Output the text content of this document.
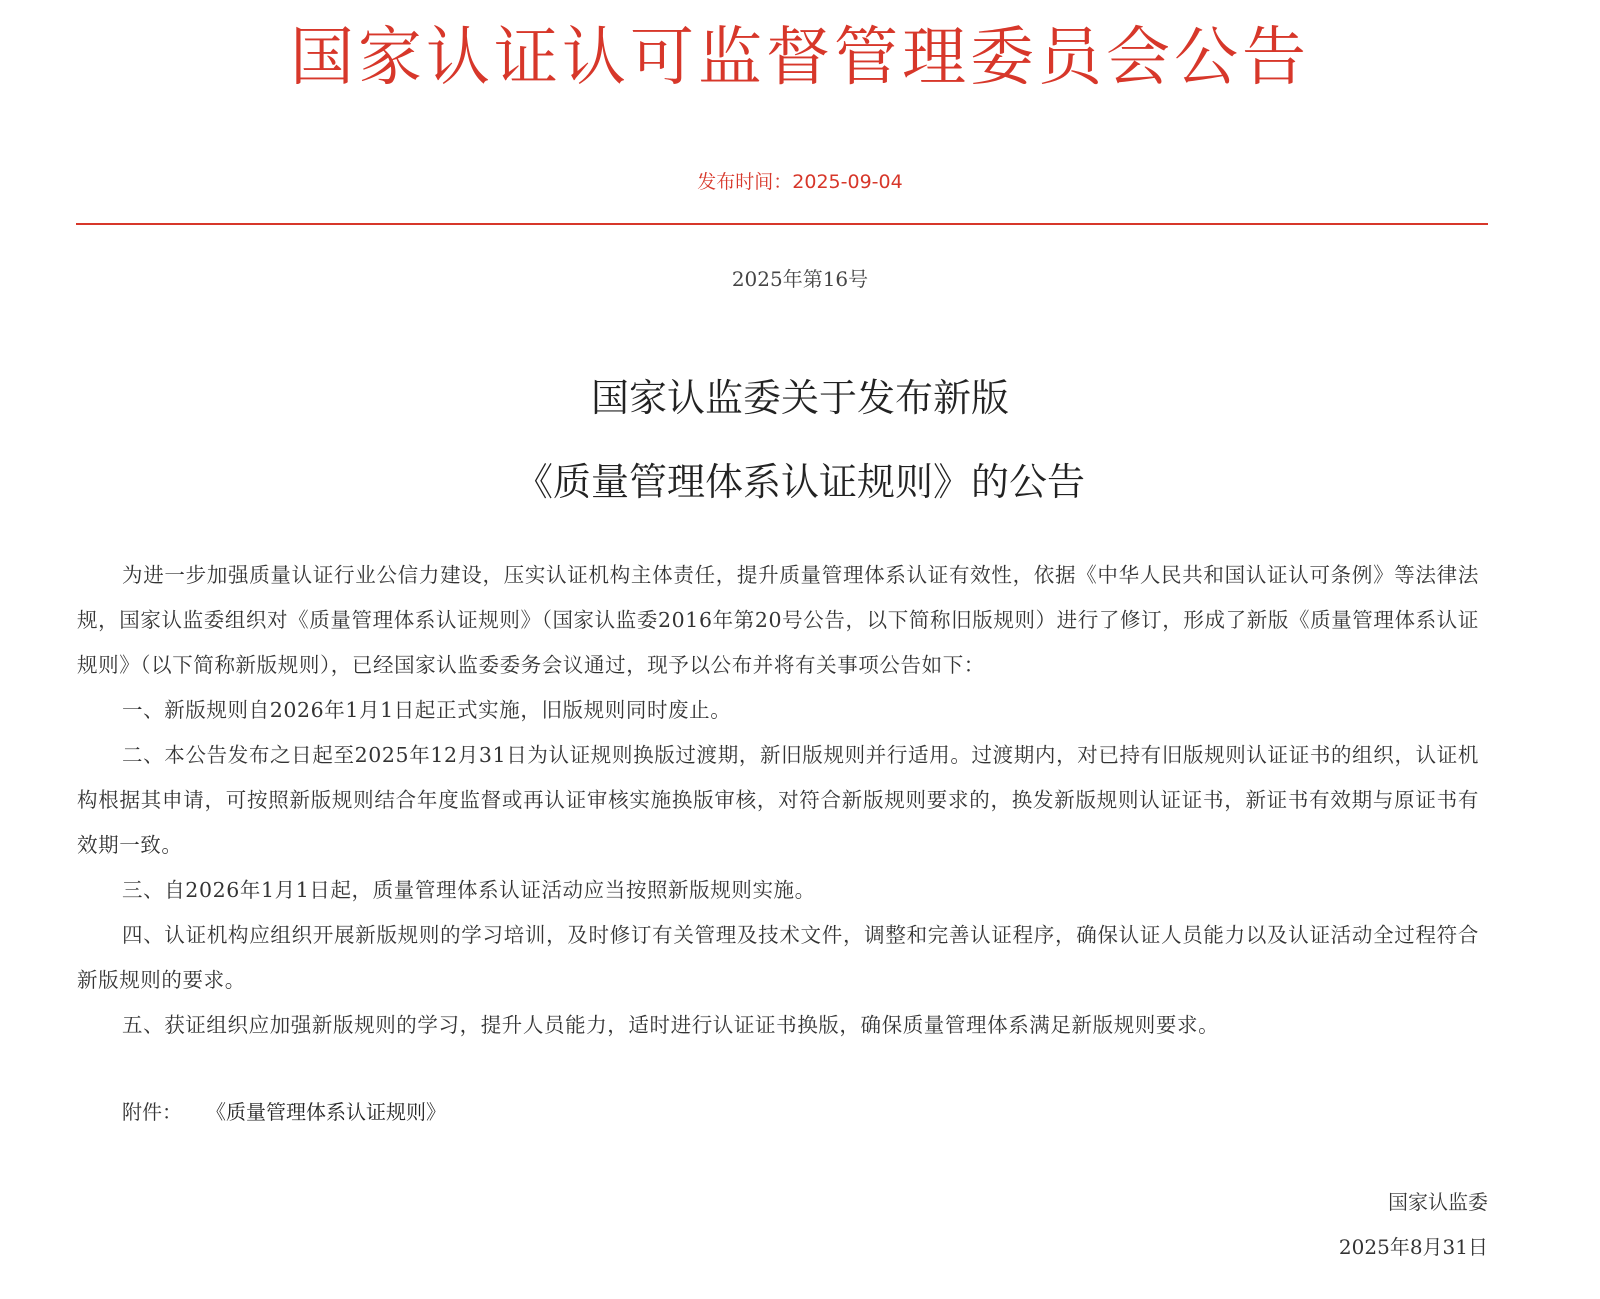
国家认证认可监督管理委员会公告
发布时间：2025-09-04
2025年第16号
国家认监委关于发布新版
《质量管理体系认证规则》的公告

为进一步加强质量认证行业公信力建设，压实认证机构主体责任，提升质量管理体系认证有效性，依据《中华人民共和国认证认可条例》等法律法规，国家认监委组织对《质量管理体系认证规则》（国家认监委2016年第20号公告，以下简称旧版规则）进行了修订，形成了新版《质量管理体系认证规则》（以下简称新版规则），已经国家认监委委务会议通过，现予以公布并将有关事项公告如下：

一、新版规则自2026年1月1日起正式实施，旧版规则同时废止。

二、本公告发布之日起至2025年12月31日为认证规则换版过渡期，新旧版规则并行适用。过渡期内，对已持有旧版规则认证证书的组织，认证机构根据其申请，可按照新版规则结合年度监督或再认证审核实施换版审核，对符合新版规则要求的，换发新版规则认证证书，新证书有效期与原证书有效期一致。

三、自2026年1月1日起，质量管理体系认证活动应当按照新版规则实施。

四、认证机构应组织开展新版规则的学习培训，及时修订有关管理及技术文件，调整和完善认证程序，确保认证人员能力以及认证活动全过程符合新版规则的要求。

五、获证组织应加强新版规则的学习，提升人员能力，适时进行认证证书换版，确保质量管理体系满足新版规则要求。

附件： 《质量管理体系认证规则》
国家认监委
2025年8月31日
